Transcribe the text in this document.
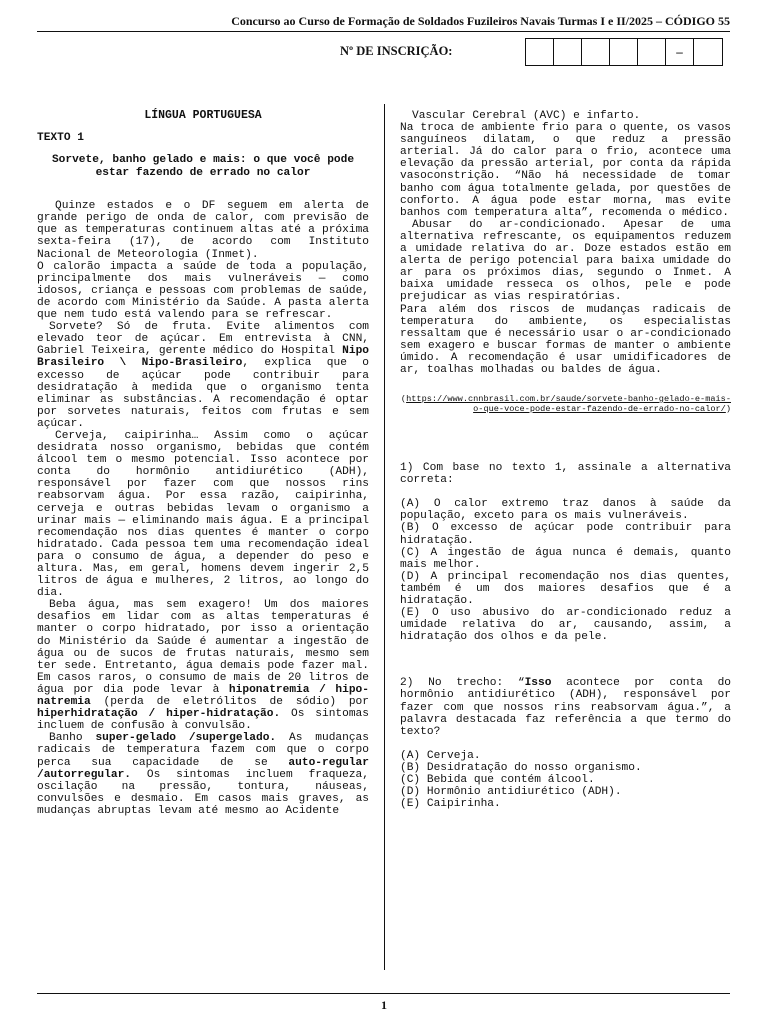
Concurso ao Curso de Formação de Soldados Fuzileiros Navais Turmas I e II/2025 – CÓDIGO 55
Nº DE INSCRIÇÃO:	–
LÍNGUA PORTUGUESA
TEXTO 1
Sorvete, banho gelado e mais: o que você pode estar fazendo de errado no calor

Quinze estados e o DF seguem em alerta de grande perigo de onda de calor, com previsão de que as temperaturas continuem altas até a próxima sexta-feira (17), de acordo com Instituto Nacional de Meteorologia (Inmet).

O calorão impacta a saúde de toda a população, principalmente dos mais vulneráveis — como idosos, criança e pessoas com problemas de saúde, de acordo com Ministério da Saúde. A pasta alerta que nem tudo está valendo para se refrescar.

Sorvete? Só de fruta. Evite alimentos com elevado teor de açúcar. Em entrevista à CNN, Gabriel Teixeira, gerente médico do Hospital Nipo Brasileiro \ Nipo-Brasileiro, explica que o excesso de açúcar pode contribuir para desidratação à medida que o organismo tenta eliminar as substâncias. A recomendação é optar por sorvetes naturais, feitos com frutas e sem açúcar.

Cerveja, caipirinha… Assim como o açúcar desidrata nosso organismo, bebidas que contém álcool tem o mesmo potencial. Isso acontece por conta do hormônio antidiurético (ADH), responsável por fazer com que nossos rins reabsorvam água. Por essa razão, caipirinha, cerveja e outras bebidas levam o organismo a urinar mais — eliminando mais água. E a principal recomendação nos dias quentes é manter o corpo hidratado. Cada pessoa tem uma recomendação ideal para o consumo de água, a depender do peso e altura. Mas, em geral, homens devem ingerir 2,5 litros de água e mulheres, 2 litros, ao longo do dia.

Beba água, mas sem exagero! Um dos maiores desafios em lidar com as altas temperaturas é manter o corpo hidratado, por isso a orientação do Ministério da Saúde é aumentar a ingestão de água ou de sucos de frutas naturais, mesmo sem ter sede. Entretanto, água demais pode fazer mal. Em casos raros, o consumo de mais de 20 litros de água por dia pode levar à hiponatremia / hipo-natremia (perda de eletrólitos de sódio) por hiperhidratação / hiper-hidratação. Os sintomas incluem de confusão à convulsão.

Banho super-gelado /supergelado. As mudanças radicais de temperatura fazem com que o corpo perca sua capacidade de se auto-regular /autorregular. Os sintomas incluem fraqueza, oscilação na pressão, tontura, náuseas, convulsões e desmaio. Em casos mais graves, as mudanças abruptas levam até mesmo ao Acidente

Vascular Cerebral (AVC) e infarto.

Na troca de ambiente frio para o quente, os vasos sanguíneos dilatam, o que reduz a pressão arterial. Já do calor para o frio, acontece uma elevação da pressão arterial, por conta da rápida vasoconstrição. “Não há necessidade de tomar banho com água totalmente gelada, por questões de conforto. A água pode estar morna, mas evite banhos com temperatura alta”, recomenda o médico.

Abusar do ar-condicionado. Apesar de uma alternativa refrescante, os equipamentos reduzem a umidade relativa do ar. Doze estados estão em alerta de perigo potencial para baixa umidade do ar para os próximos dias, segundo o Inmet. A baixa umidade resseca os olhos, pele e pode prejudicar as vias respiratórias.

Para além dos riscos de mudanças radicais de temperatura do ambiente, os especialistas ressaltam que é necessário usar o ar-condicionado sem exagero e buscar formas de manter o ambiente úmido. A recomendação é usar umidificadores de ar, toalhas molhadas ou baldes de água.

(https://www.cnnbrasil.com.br/saude/sorvete-banho-gelado-e-mais-o-que-voce-pode-estar-fazendo-de-errado-no-calor/)

1) Com base no texto 1, assinale a alternativa correta:

(A) O calor extremo traz danos à saúde da população, exceto para os mais vulneráveis.
(B) O excesso de açúcar pode contribuir para hidratação.
(C) A ingestão de água nunca é demais, quanto mais melhor.
(D) A principal recomendação nos dias quentes, também é um dos maiores desafios que é a hidratação.
(E) O uso abusivo do ar-condicionado reduz a umidade relativa do ar, causando, assim, a hidratação dos olhos e da pele.

2) No trecho: “Isso acontece por conta do hormônio antidiurético (ADH), responsável por fazer com que nossos rins reabsorvam água.”, a palavra destacada faz referência a que termo do texto?

(A) Cerveja.
(B) Desidratação do nosso organismo.
(C) Bebida que contém álcool.
(D) Hormônio antidiurético (ADH).
(E) Caipirinha.
1
